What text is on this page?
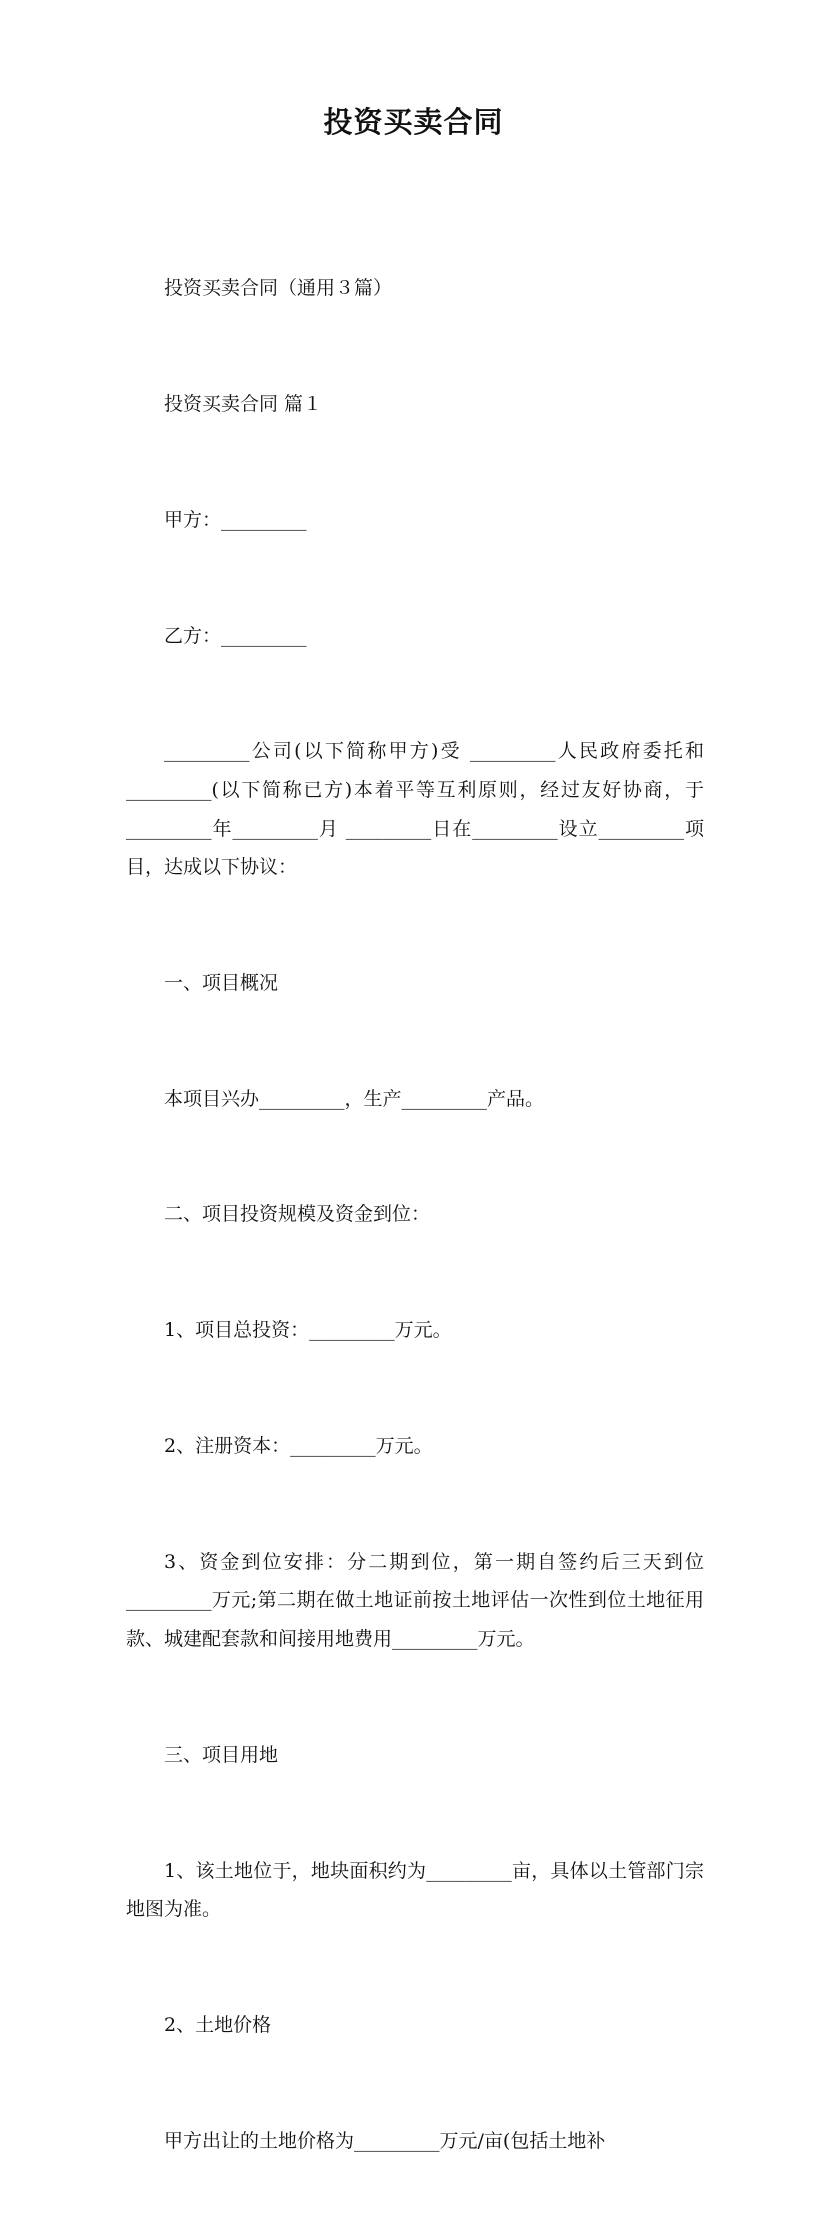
投资买卖合同

投资买卖合同（通用３篇）

投资买卖合同 篇１

甲方：_________

乙方：_________

_________公司(以下简称甲方)受 _________人民政府委托和_________(以下简称已方)本着平等互利原则，经过友好协商，于_________年_________月 _________日在_________设立_________项目，达成以下协议：

一、项目概况

本项目兴办_________，生产_________产品。

二、项目投资规模及资金到位：

1、项目总投资：_________万元。

2、注册资本：_________万元。

3、资金到位安排：分二期到位，第一期自签约后三天到位_________万元;第二期在做土地证前按土地评估一次性到位土地征用款、城建配套款和间接用地费用_________万元。

三、项目用地

1、该土地位于，地块面积约为_________亩，具体以土管部门宗地图为准。

2、土地价格

甲方出让的土地价格为_________万元/亩(包括土地补
